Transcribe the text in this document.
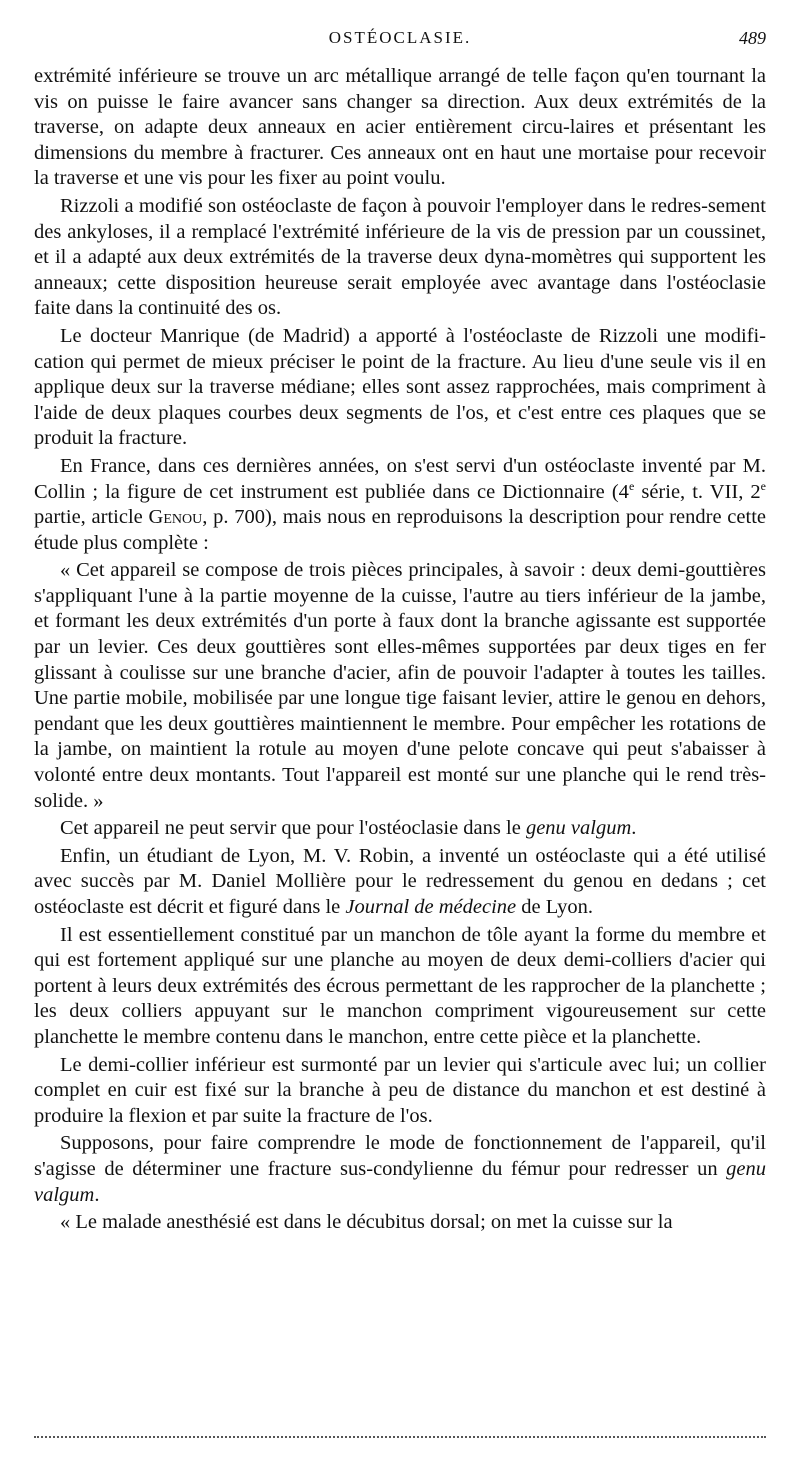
OSTÉOCLASIE.	489

extrémité inférieure se trouve un arc métallique arrangé de telle façon qu'en tournant la vis on puisse le faire avancer sans changer sa direction. Aux deux extrémités de la traverse, on adapte deux anneaux en acier entièrement circu-laires et présentant les dimensions du membre à fracturer. Ces anneaux ont en haut une mortaise pour recevoir la traverse et une vis pour les fixer au point voulu.

Rizzoli a modifié son ostéoclaste de façon à pouvoir l'employer dans le redres-sement des ankyloses, il a remplacé l'extrémité inférieure de la vis de pression par un coussinet, et il a adapté aux deux extrémités de la traverse deux dyna-momètres qui supportent les anneaux; cette disposition heureuse serait employée avec avantage dans l'ostéoclasie faite dans la continuité des os.

Le docteur Manrique (de Madrid) a apporté à l'ostéoclaste de Rizzoli une modifi-cation qui permet de mieux préciser le point de la fracture. Au lieu d'une seule vis il en applique deux sur la traverse médiane; elles sont assez rapprochées, mais compriment à l'aide de deux plaques courbes deux segments de l'os, et c'est entre ces plaques que se produit la fracture.

En France, dans ces dernières années, on s'est servi d'un ostéoclaste inventé par M. Collin ; la figure de cet instrument est publiée dans ce Dictionnaire (4e série, t. VII, 2e partie, article Genou, p. 700), mais nous en reproduisons la description pour rendre cette étude plus complète :

« Cet appareil se compose de trois pièces principales, à savoir : deux demi-gouttières s'appliquant l'une à la partie moyenne de la cuisse, l'autre au tiers inférieur de la jambe, et formant les deux extrémités d'un porte à faux dont la branche agissante est supportée par un levier. Ces deux gouttières sont elles-mêmes supportées par deux tiges en fer glissant à coulisse sur une branche d'acier, afin de pouvoir l'adapter à toutes les tailles. Une partie mobile, mobilisée par une longue tige faisant levier, attire le genou en dehors, pendant que les deux gouttières maintiennent le membre. Pour empêcher les rotations de la jambe, on maintient la rotule au moyen d'une pelote concave qui peut s'abaisser à volonté entre deux montants. Tout l'appareil est monté sur une planche qui le rend très-solide. »

Cet appareil ne peut servir que pour l'ostéoclasie dans le genu valgum.

Enfin, un étudiant de Lyon, M. V. Robin, a inventé un ostéoclaste qui a été utilisé avec succès par M. Daniel Mollière pour le redressement du genou en dedans ; cet ostéoclaste est décrit et figuré dans le Journal de médecine de Lyon.

Il est essentiellement constitué par un manchon de tôle ayant la forme du membre et qui est fortement appliqué sur une planche au moyen de deux demi-colliers d'acier qui portent à leurs deux extrémités des écrous permettant de les rapprocher de la planchette ; les deux colliers appuyant sur le manchon compriment vigoureusement sur cette planchette le membre contenu dans le manchon, entre cette pièce et la planchette.

Le demi-collier inférieur est surmonté par un levier qui s'articule avec lui; un collier complet en cuir est fixé sur la branche à peu de distance du manchon et est destiné à produire la flexion et par suite la fracture de l'os.

Supposons, pour faire comprendre le mode de fonctionnement de l'appareil, qu'il s'agisse de déterminer une fracture sus-condylienne du fémur pour redresser un genu valgum.

« Le malade anesthésié est dans le décubitus dorsal; on met la cuisse sur la
